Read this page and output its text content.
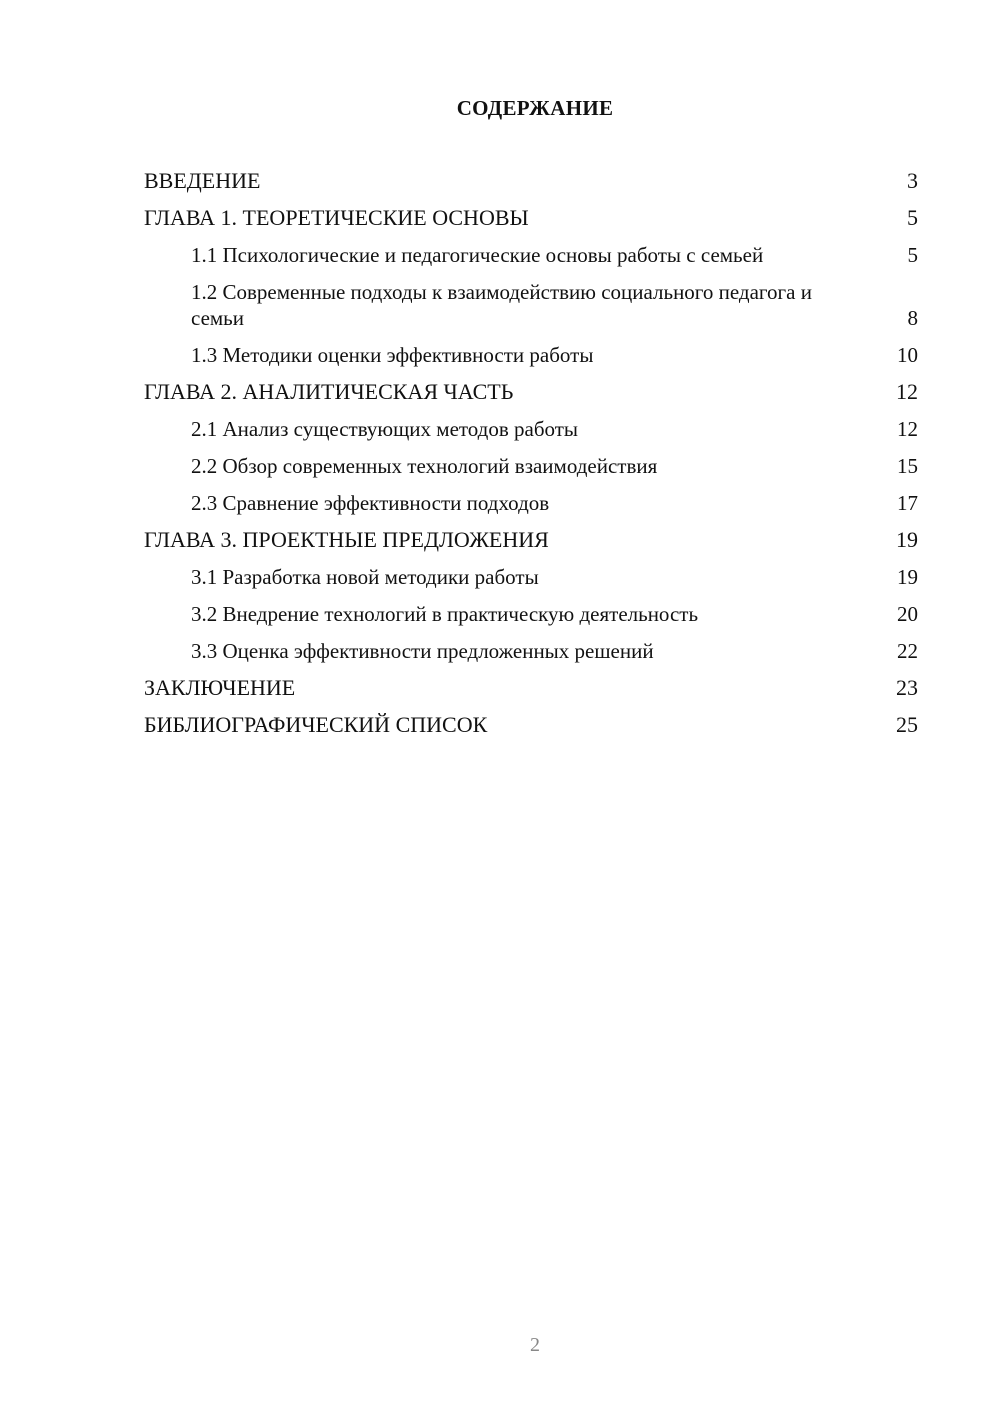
СОДЕРЖАНИЕ
ВВЕДЕНИЕ	3
ГЛАВА 1. ТЕОРЕТИЧЕСКИЕ ОСНОВЫ	5
1.1 Психологические и педагогические основы работы с семьей	5
1.2 Современные подходы к взаимодействию социального педагога и семьи	8
1.3 Методики оценки эффективности работы	10
ГЛАВА 2. АНАЛИТИЧЕСКАЯ ЧАСТЬ	12
2.1 Анализ существующих методов работы	12
2.2 Обзор современных технологий взаимодействия	15
2.3 Сравнение эффективности подходов	17
ГЛАВА 3. ПРОЕКТНЫЕ ПРЕДЛОЖЕНИЯ	19
3.1 Разработка новой методики работы	19
3.2 Внедрение технологий в практическую деятельность	20
3.3 Оценка эффективности предложенных решений	22
ЗАКЛЮЧЕНИЕ	23
БИБЛИОГРАФИЧЕСКИЙ СПИСОК	25
2
